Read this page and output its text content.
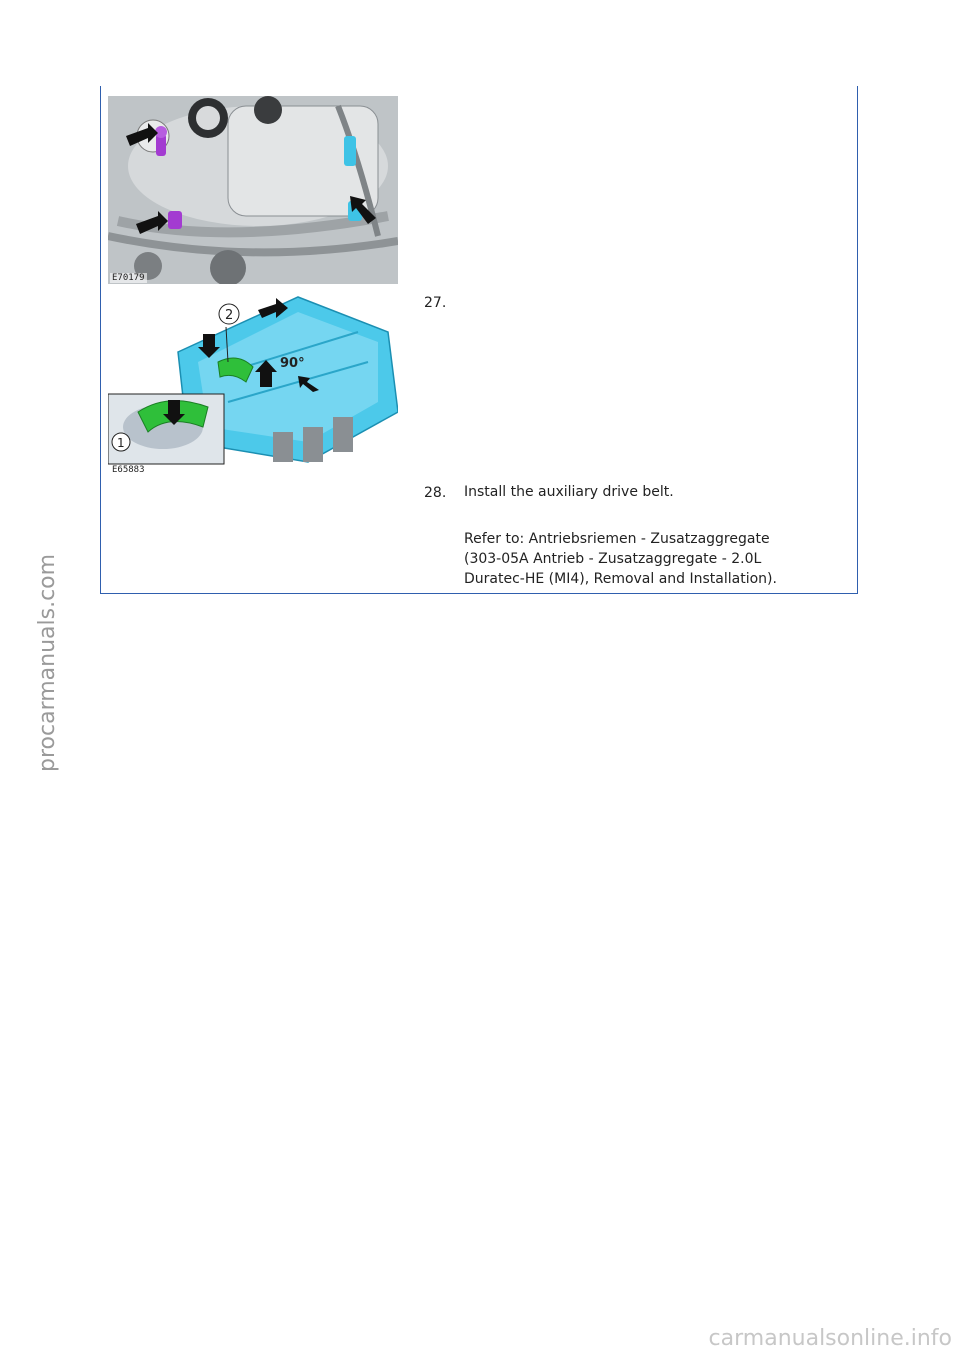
E70179
2
90°
1
E65883
27.
28. Install the auxiliary drive belt.
Refer to: Antriebsriemen - Zusatzaggregate
(303-05A Antrieb - Zusatzaggregate - 2.0L
Duratec-HE (MI4), Removal and Installation).
procarmanuals.com
carmanualsonline.info
